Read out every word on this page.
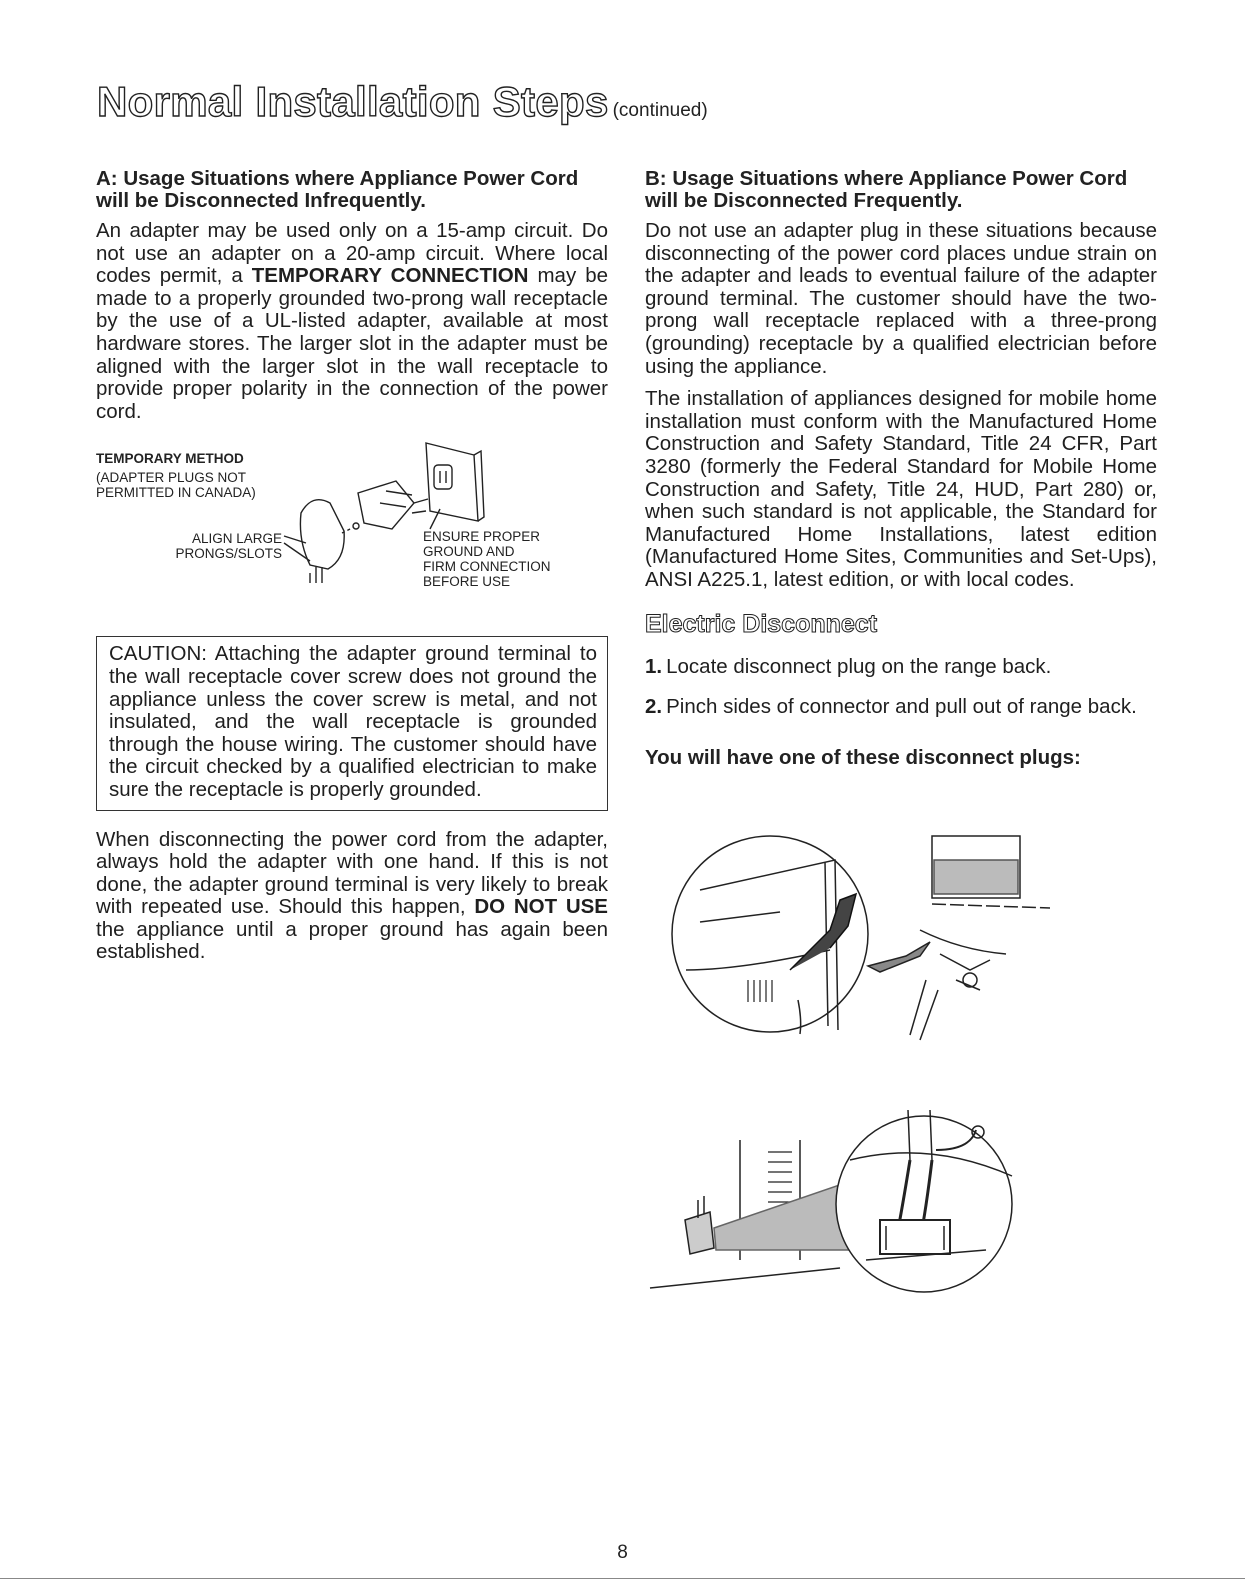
Normal Installation Steps (continued)
A: Usage Situations where Appliance Power Cord
will be Disconnected Infrequently.

An adapter may be used only on a 15-amp circuit. Do not use an adapter on a 20-amp circuit. Where local codes permit, a TEMPORARY CONNECTION may be made to a properly grounded two-prong wall receptacle by the use of a UL-listed adapter, available at most hardware stores. The larger slot in the adapter must be aligned with the larger slot in the wall receptacle to provide proper polarity in the connection of the power cord.

TEMPORARY METHOD
(ADAPTER PLUGS NOT
PERMITTED IN CANADA)
ALIGN LARGE
PRONGS/SLOTS
ENSURE PROPER
GROUND AND
FIRM CONNECTION
BEFORE USE

CAUTION: Attaching the adapter ground terminal to the wall receptacle cover screw does not ground the appliance unless the cover screw is metal, and not insulated, and the wall receptacle is grounded through the house wiring. The customer should have the circuit checked by a qualified electrician to make sure the receptacle is properly grounded.

When disconnecting the power cord from the adapter, always hold the adapter with one hand. If this is not done, the adapter ground terminal is very likely to break with repeated use. Should this happen, DO NOT USE the appliance until a proper ground has again been established.

B: Usage Situations where Appliance Power Cord
will be Disconnected Frequently.

Do not use an adapter plug in these situations because disconnecting of the power cord places undue strain on the adapter and leads to eventual failure of the adapter ground terminal. The customer should have the two-prong wall receptacle replaced with a three-prong (grounding) receptacle by a qualified electrician before using the appliance.

The installation of appliances designed for mobile home installation must conform with the Manufactured Home Construction and Safety Standard, Title 24 CFR, Part 3280 (formerly the Federal Standard for Mobile Home Construction and Safety, Title 24, HUD, Part 280) or, when such standard is not applicable, the Standard for Manufactured Home Installations, latest edition (Manufactured Home Sites, Communities and Set-Ups), ANSI A225.1, latest edition, or with local codes.

Electric Disconnect
1. Locate disconnect plug on the range back.
2. Pinch sides of connector and pull out of range back.
You will have one of these disconnect plugs:
8
